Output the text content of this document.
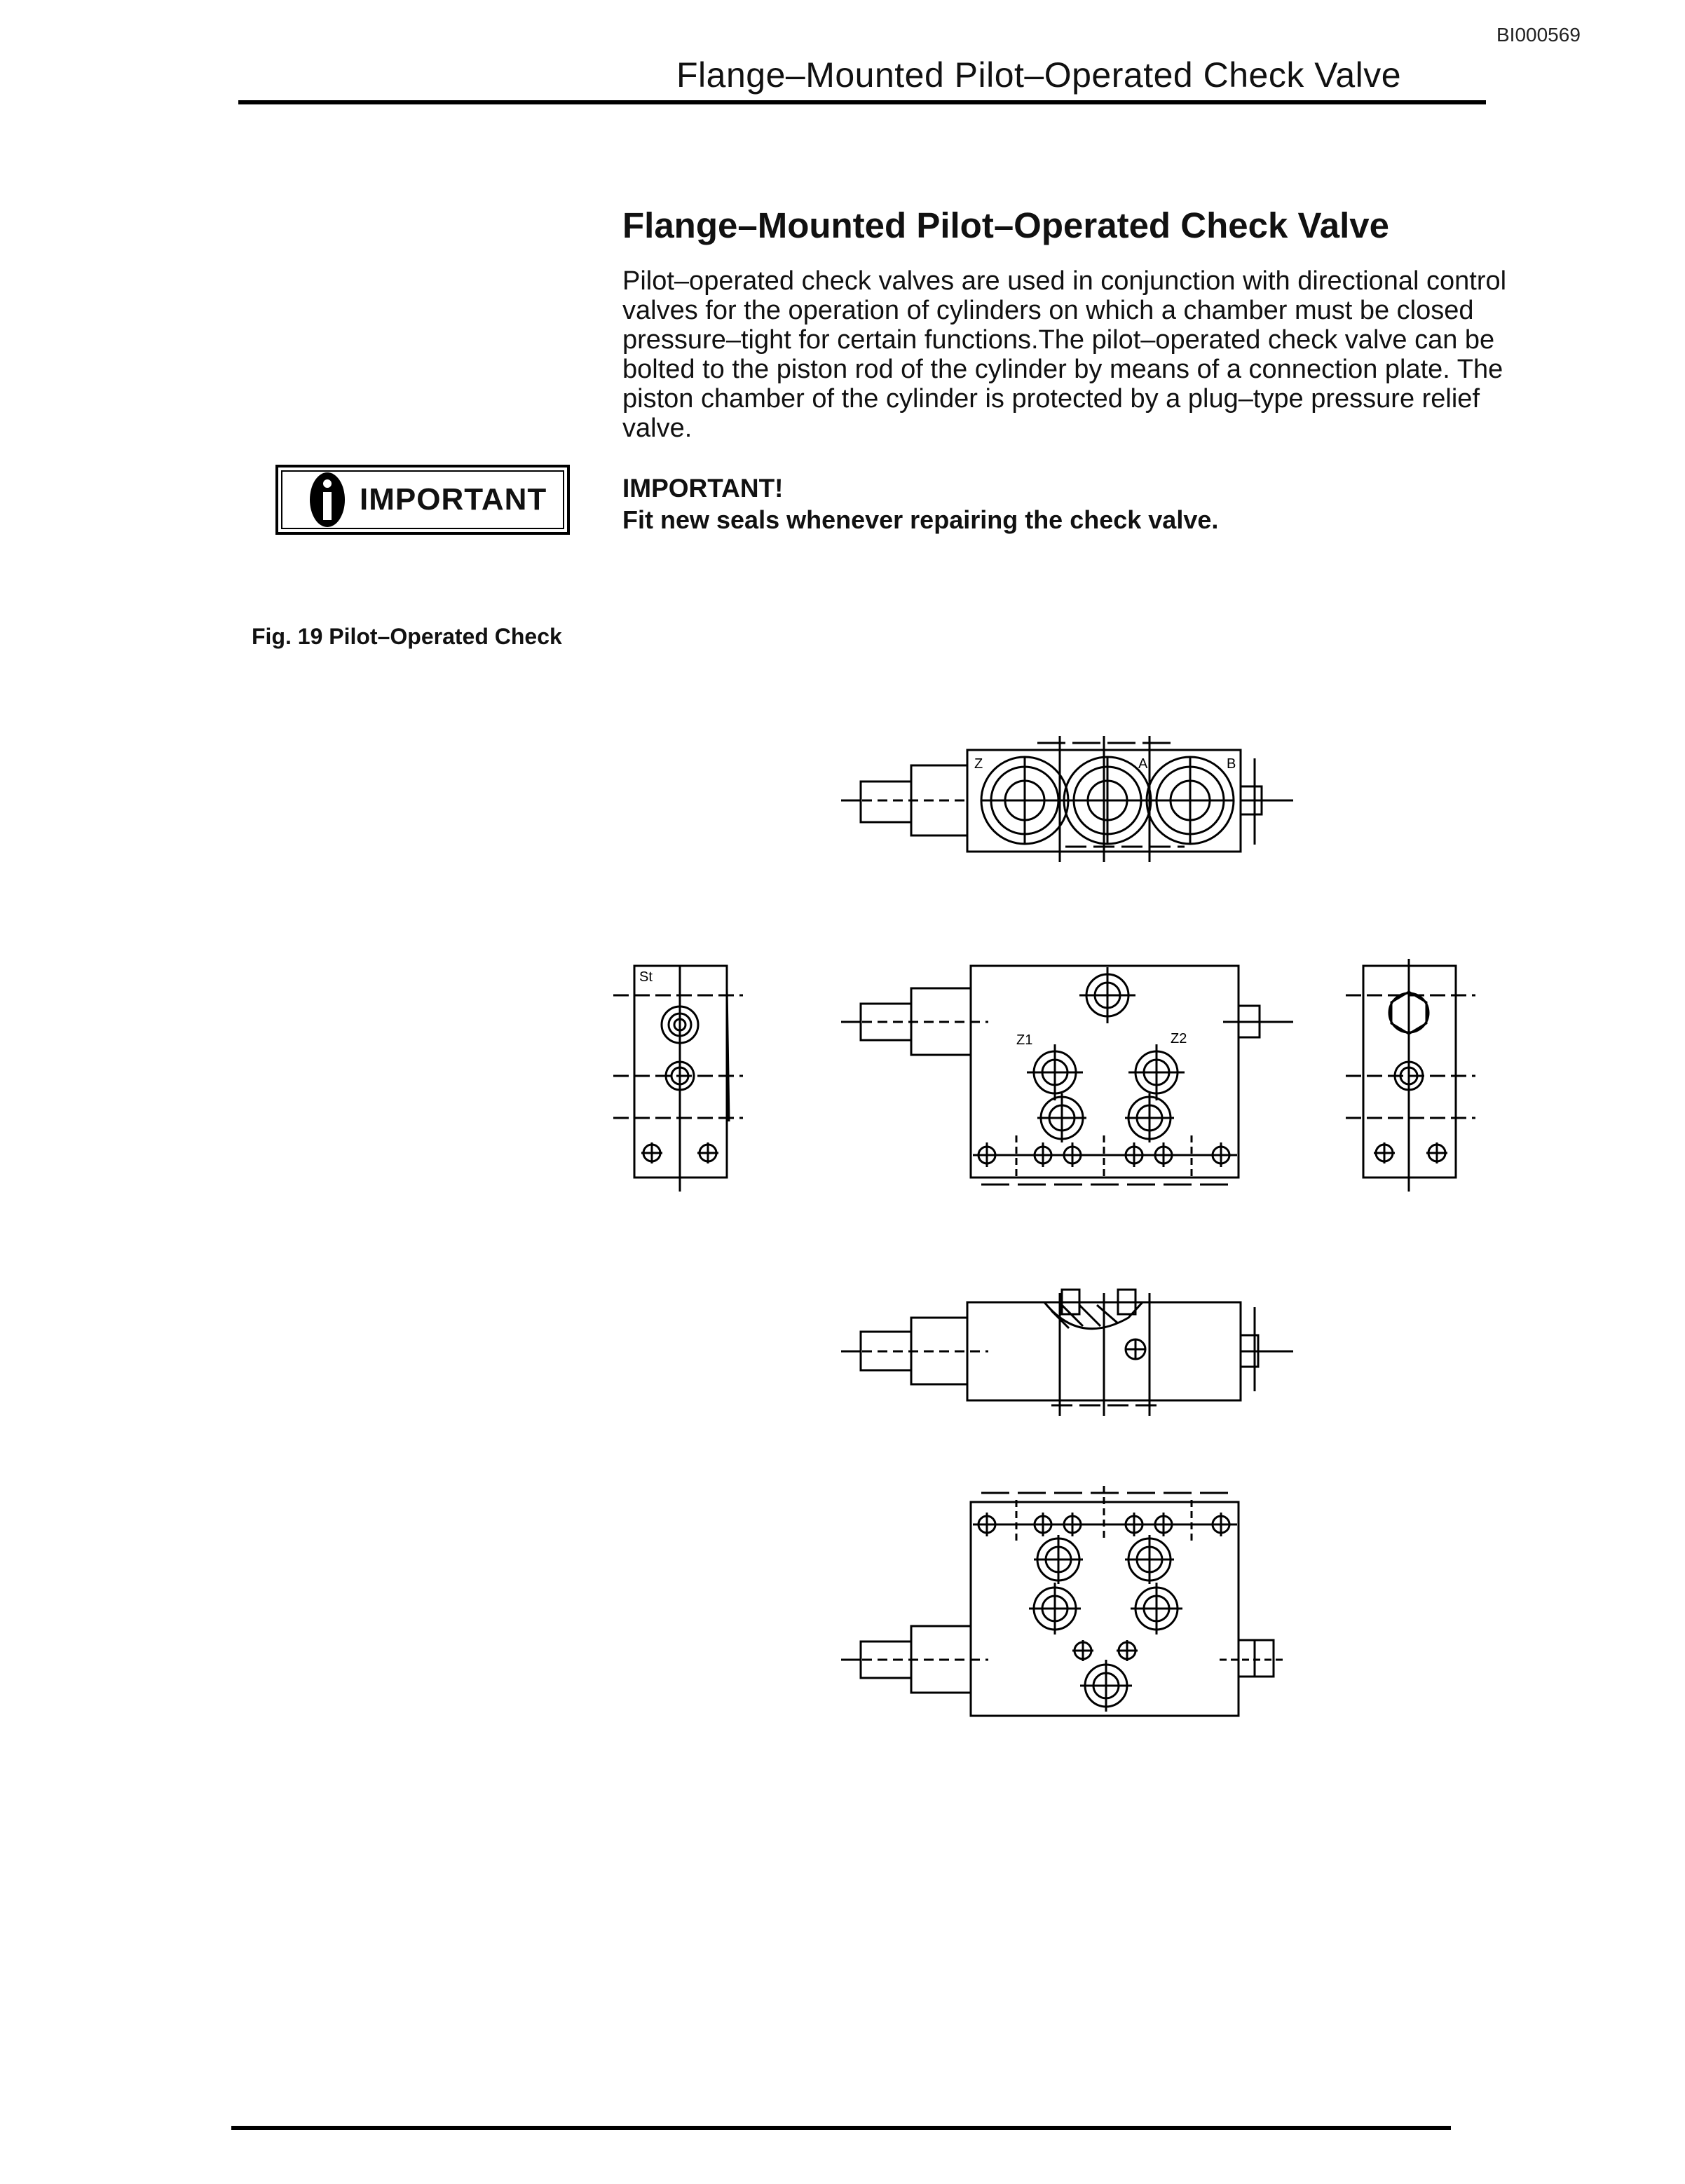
BI000569
Flange–Mounted Pilot–Operated Check Valve
Flange–Mounted Pilot–Operated Check Valve
Pilot–operated check valves are used in conjunction with directional control valves for the operation of cylinders on which a chamber must be closed pressure–tight for certain functions.The pilot–operated check valve can be bolted to the piston rod of the cylinder by means of a connection plate. The piston chamber of the cylinder is protected by a plug–type pressure relief valve.
IMPORTANT	IMPORTANT!
Fit new seals whenever repairing the check valve.
Fig. 19 Pilot–Operated Check
Z	A	B
St
Z1	Z2
